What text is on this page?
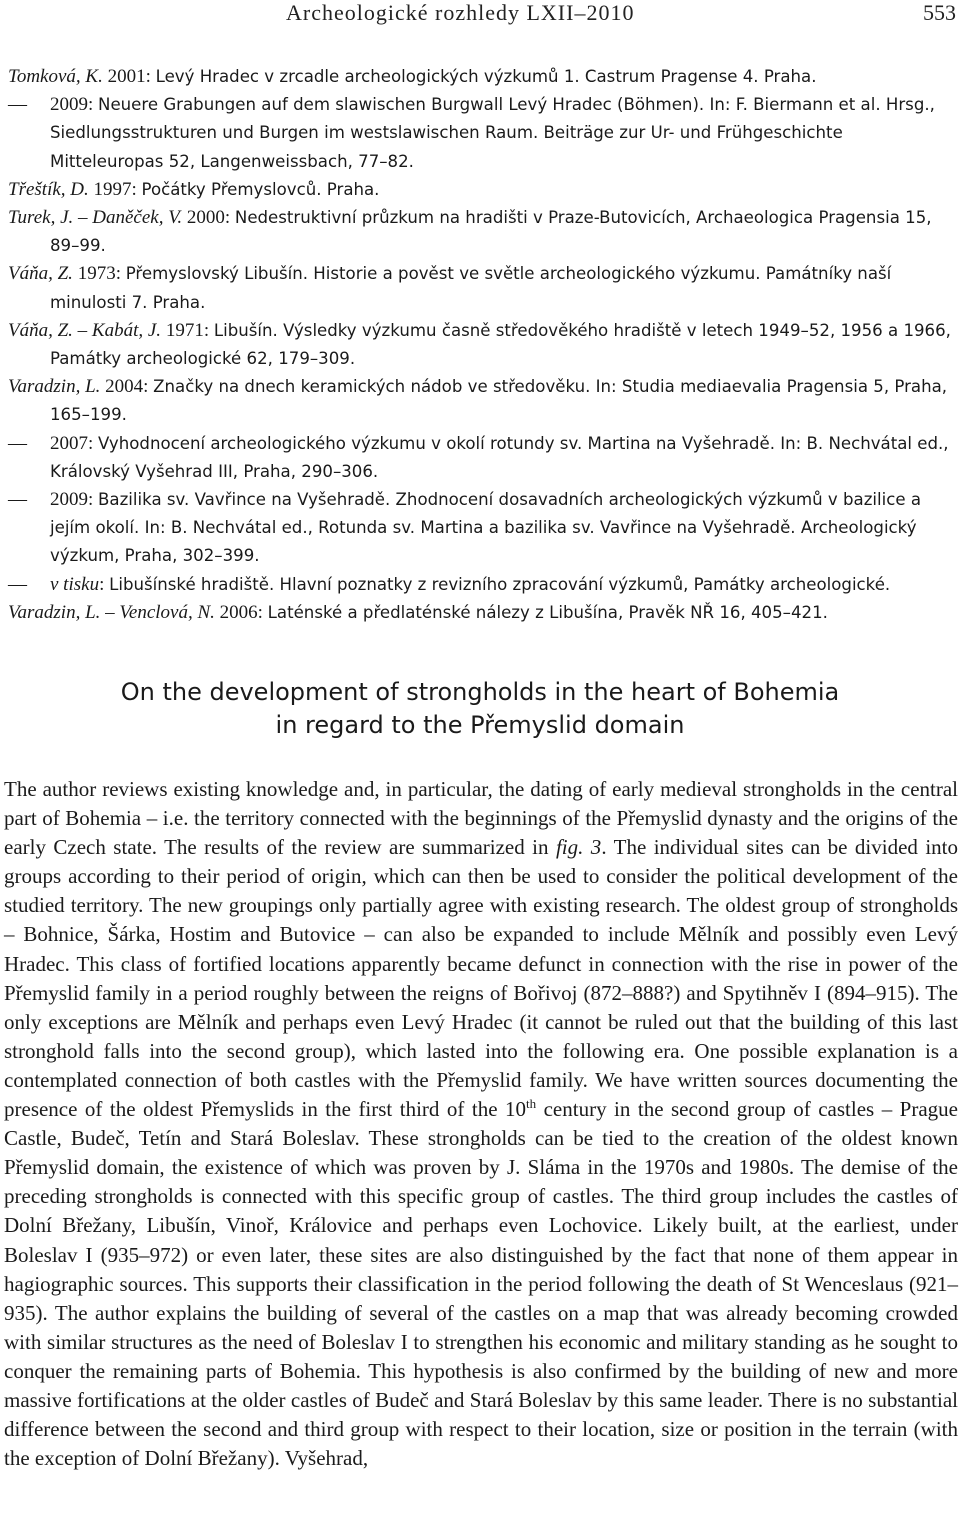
Archeologické rozhledy LXII–2010	553

Tomková, K. 2001: Levý Hradec v zrcadle archeologických výzkumů 1. Castrum Pragense 4. Praha.

— 2009: Neuere Grabungen auf dem slawischen Burgwall Levý Hradec (Böhmen). In: F. Biermann et al. Hrsg., Siedlungsstrukturen und Burgen im westslawischen Raum. Beiträge zur Ur- und Frühgeschichte Mitteleuropas 52, Langenweissbach, 77–82.

Třeštík, D. 1997: Počátky Přemyslovců. Praha.

Turek, J. – Daněček, V. 2000: Nedestruktivní průzkum na hradišti v Praze-Butovicích, Archaeologica Pragensia 15, 89–99.

Váňa, Z. 1973: Přemyslovský Libušín. Historie a pověst ve světle archeologického výzkumu. Památníky naší minulosti 7. Praha.

Váňa, Z. – Kabát, J. 1971: Libušín. Výsledky výzkumu časně středověkého hradiště v letech 1949–52, 1956 a 1966, Památky archeologické 62, 179–309.

Varadzin, L. 2004: Značky na dnech keramických nádob ve středověku. In: Studia mediaevalia Pragensia 5, Praha, 165–199.

— 2007: Vyhodnocení archeologického výzkumu v okolí rotundy sv. Martina na Vyšehradě. In: B. Nechvátal ed., Královský Vyšehrad III, Praha, 290–306.

— 2009: Bazilika sv. Vavřince na Vyšehradě. Zhodnocení dosavadních archeologických výzkumů v bazilice a jejím okolí. In: B. Nechvátal ed., Rotunda sv. Martina a bazilika sv. Vavřince na Vyšehradě. Archeologický výzkum, Praha, 302–399.

— v tisku: Libušínské hradiště. Hlavní poznatky z revizního zpracování výzkumů, Památky archeologické.

Varadzin, L. – Venclová, N. 2006: Laténské a předlaténské nálezy z Libušína, Pravěk NŘ 16, 405–421.

On the development of strongholds in the heart of Bohemia
in regard to the Přemyslid domain

The author reviews existing knowledge and, in particular, the dating of early medieval strongholds in the central part of Bohemia – i.e. the territory connected with the beginnings of the Přemyslid dynasty and the origins of the early Czech state. The results of the review are summarized in fig. 3. The individual sites can be divided into groups according to their period of origin, which can then be used to consider the political development of the studied territory. The new groupings only partially agree with existing research. The oldest group of strongholds – Bohnice, Šárka, Hostim and Butovice – can also be expanded to include Mělník and possibly even Levý Hradec. This class of fortified locations apparently became defunct in connection with the rise in power of the Přemyslid family in a period roughly between the reigns of Bořivoj (872–888?) and Spytihněv I (894–915). The only exceptions are Mělník and perhaps even Levý Hradec (it cannot be ruled out that the building of this last stronghold falls into the second group), which lasted into the following era. One possible explanation is a contemplated connection of both castles with the Přemyslid family. We have written sources documenting the presence of the oldest Přemyslids in the first third of the 10th century in the second group of castles – Prague Castle, Budeč, Tetín and Stará Boleslav. These strongholds can be tied to the creation of the oldest known Přemyslid domain, the existence of which was proven by J. Sláma in the 1970s and 1980s. The demise of the preceding strongholds is connected with this specific group of castles. The third group includes the castles of Dolní Břežany, Libušín, Vinoř, Královice and perhaps even Lochovice. Likely built, at the earliest, under Boleslav I (935–972) or even later, these sites are also distinguished by the fact that none of them appear in hagiographic sources. This supports their classification in the period following the death of St Wenceslaus (921–935). The author explains the building of several of the castles on a map that was already becoming crowded with similar structures as the need of Boleslav I to strengthen his economic and military standing as he sought to conquer the remaining parts of Bohemia. This hypothesis is also confirmed by the building of new and more massive fortifications at the older castles of Budeč and Stará Boleslav by this same leader. There is no substantial difference between the second and third group with respect to their location, size or position in the terrain (with the exception of Dolní Břežany). Vyšehrad,
